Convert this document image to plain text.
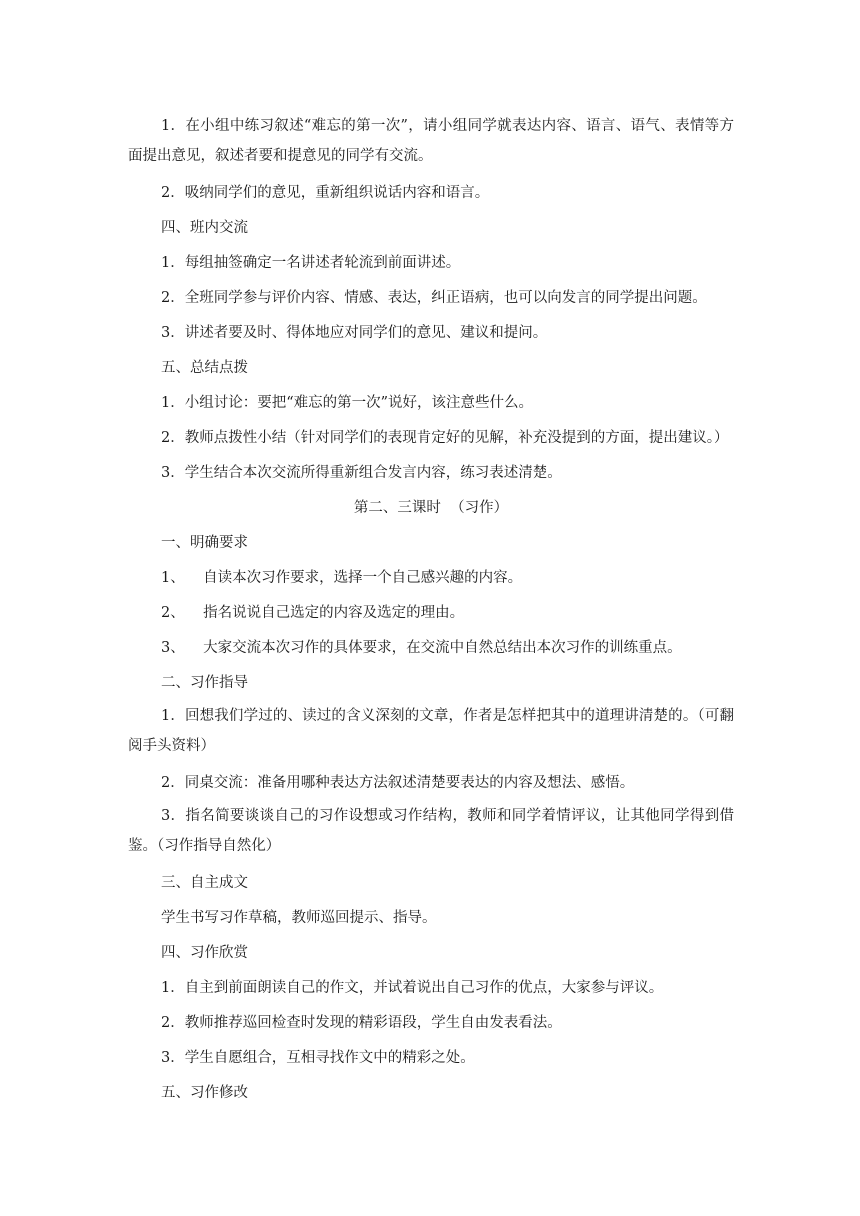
1．在小组中练习叙述“难忘的第一次”，请小组同学就表达内容、语言、语气、表情等方面提出意见，叙述者要和提意见的同学有交流。

2．吸纳同学们的意见，重新组织说话内容和语言。

四、班内交流

1．每组抽签确定一名讲述者轮流到前面讲述。

2．全班同学参与评价内容、情感、表达，纠正语病，也可以向发言的同学提出问题。

3．讲述者要及时、得体地应对同学们的意见、建议和提问。

五、总结点拨

1．小组讨论：要把“难忘的第一次”说好，该注意些什么。

2．教师点拨性小结（针对同学们的表现肯定好的见解，补充没提到的方面，提出建议。）

3．学生结合本次交流所得重新组合发言内容，练习表述清楚。

第二、三课时  （习作）

一、明确要求

1、    自读本次习作要求，选择一个自己感兴趣的内容。

2、    指名说说自己选定的内容及选定的理由。

3、    大家交流本次习作的具体要求，在交流中自然总结出本次习作的训练重点。

二、习作指导

1．回想我们学过的、读过的含义深刻的文章，作者是怎样把其中的道理讲清楚的。（可翻阅手头资料）

2．同桌交流：准备用哪种表达方法叙述清楚要表达的内容及想法、感悟。

3．指名简要谈谈自己的习作设想或习作结构，教师和同学着情评议，让其他同学得到借鉴。（习作指导自然化）

三、自主成文

学生书写习作草稿，教师巡回提示、指导。

四、习作欣赏

1．自主到前面朗读自己的作文，并试着说出自己习作的优点，大家参与评议。

2．教师推荐巡回检查时发现的精彩语段，学生自由发表看法。

3．学生自愿组合，互相寻找作文中的精彩之处。

五、习作修改
